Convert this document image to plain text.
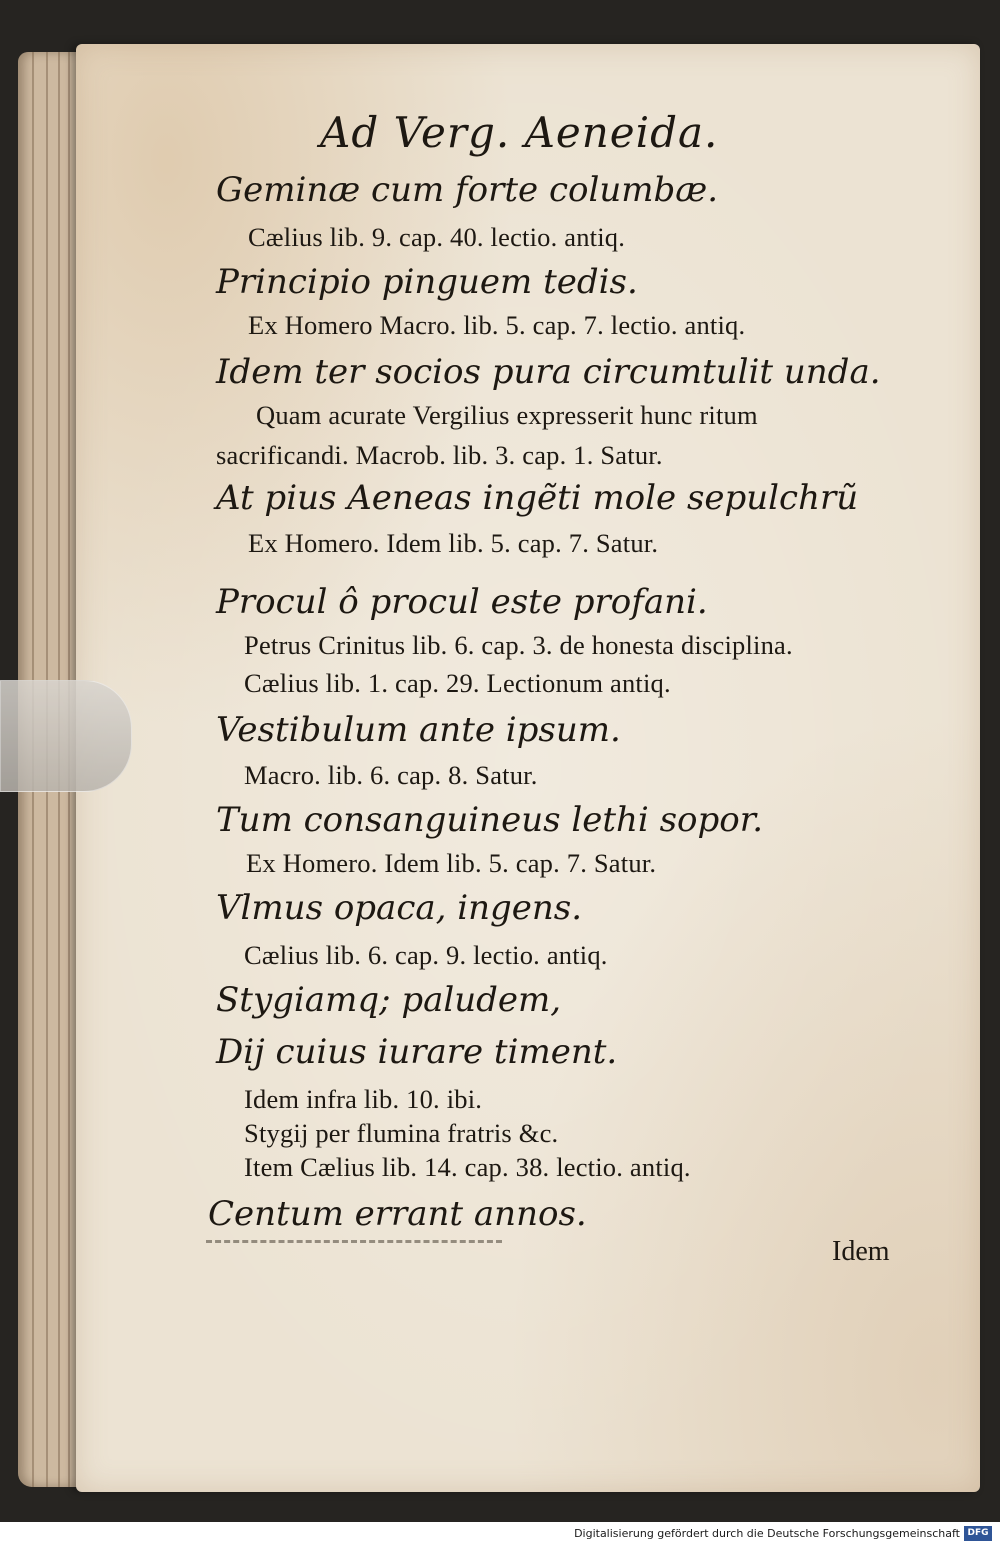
Ad Verg. Aeneida.
Geminæ cum forte columbæ.
Cælius lib. 9. cap. 40. lectio. antiq.
Principio pinguem tedis.
Ex Homero Macro. lib. 5. cap. 7. lectio. antiq.
Idem ter socios pura circumtulit unda.
Quam acurate Vergilius expresserit hunc ritum
sacrificandi. Macrob. lib. 3. cap. 1. Satur.
At pius Aeneas ingẽti mole sepulchrũ
Ex Homero. Idem lib. 5. cap. 7. Satur.
Procul ô procul este profani.
Petrus Crinitus lib. 6. cap. 3. de honesta disciplina.
Cælius lib. 1. cap. 29. Lectionum antiq.
Vestibulum ante ipsum.
Macro. lib. 6. cap. 8. Satur.
Tum consanguineus lethi sopor.
Ex Homero. Idem lib. 5. cap. 7. Satur.
Vlmus opaca, ingens.
Cælius lib. 6. cap. 9. lectio. antiq.
Stygiamq; paludem,
Dij cuius iurare timent.
Idem infra lib. 10. ibi.
Stygij per flumina fratris &c.
Item Cælius lib. 14. cap. 38. lectio. antiq.
Centum errant annos.
Idem
Digitalisierung gefördert durch die Deutsche Forschungsgemeinschaft DFG
